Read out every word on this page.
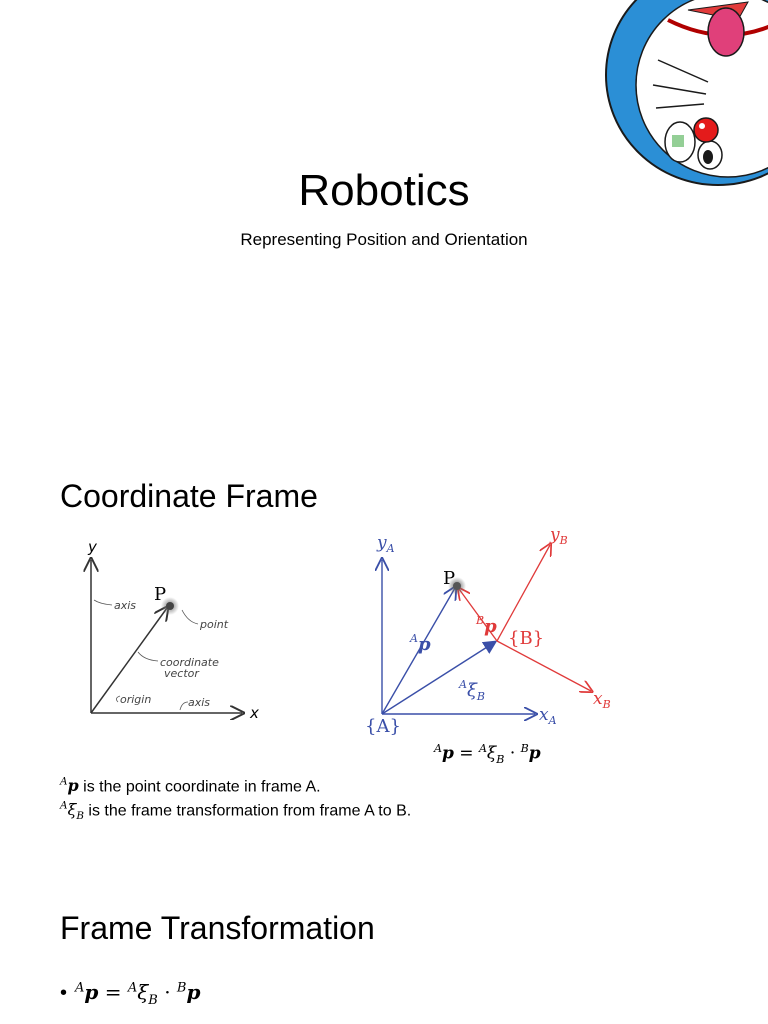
Robotics
Representing Position and Orientation
Coordinate Frame
y
x
P
axis
point
coordinate
vector
origin	axis
P
$y_A$
$x_A$
$y_B$
$x_B$
{A}
{B}
$^A$p
$^B$p
$^A\xi_B$
$^Ap = ^A\xi_B \cdot ^Bp$
$^A$p is the point coordinate in frame A.
$^A\xi_B$ is the frame transformation from frame A to B.
Frame Transformation
• $^Ap = ^A\xi_B \cdot ^Bp$
